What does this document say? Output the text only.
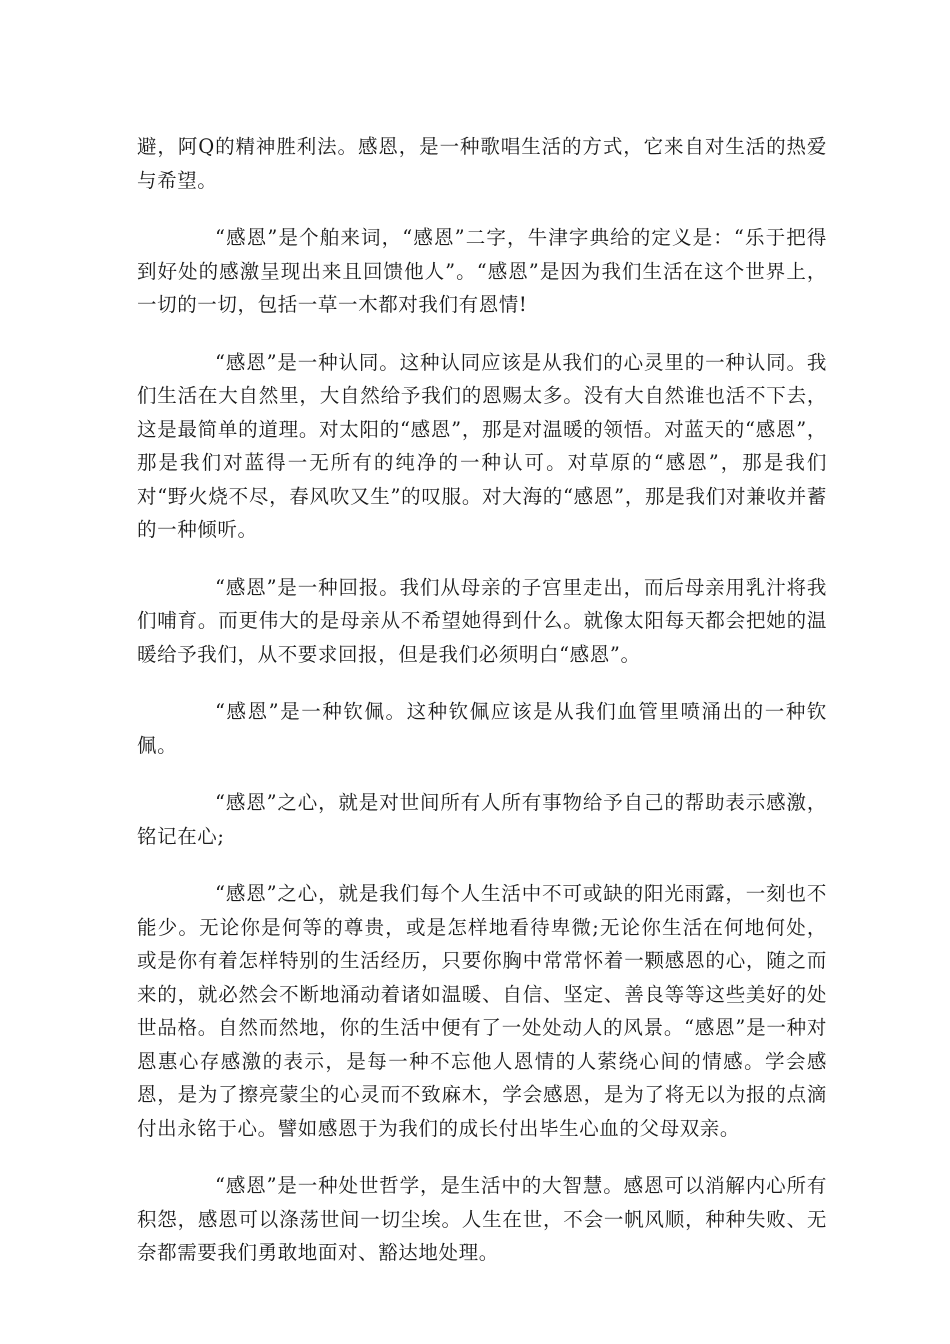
避，阿Q的精神胜利法。感恩，是一种歌唱生活的方式，它来自对生活的热爱与希望。

“感恩”是个舶来词，“感恩”二字，牛津字典给的定义是：“乐于把得到好处的感激呈现出来且回馈他人”。“感恩”是因为我们生活在这个世界上，一切的一切，包括一草一木都对我们有恩情!

“感恩”是一种认同。这种认同应该是从我们的心灵里的一种认同。我们生活在大自然里，大自然给予我们的恩赐太多。没有大自然谁也活不下去，这是最简单的道理。对太阳的“感恩”，那是对温暖的领悟。对蓝天的“感恩”，那是我们对蓝得一无所有的纯净的一种认可。对草原的“感恩”，那是我们对“野火烧不尽，春风吹又生”的叹服。对大海的“感恩”，那是我们对兼收并蓄的一种倾听。

“感恩”是一种回报。我们从母亲的子宫里走出，而后母亲用乳汁将我们哺育。而更伟大的是母亲从不希望她得到什么。就像太阳每天都会把她的温暖给予我们，从不要求回报，但是我们必须明白“感恩”。

“感恩”是一种钦佩。这种钦佩应该是从我们血管里喷涌出的一种钦佩。

“感恩”之心，就是对世间所有人所有事物给予自己的帮助表示感激，铭记在心;

“感恩”之心，就是我们每个人生活中不可或缺的阳光雨露，一刻也不能少。无论你是何等的尊贵，或是怎样地看待卑微;无论你生活在何地何处，或是你有着怎样特别的生活经历，只要你胸中常常怀着一颗感恩的心，随之而来的，就必然会不断地涌动着诸如温暖、自信、坚定、善良等等这些美好的处世品格。自然而然地，你的生活中便有了一处处动人的风景。“感恩”是一种对恩惠心存感激的表示，是每一种不忘他人恩情的人萦绕心间的情感。学会感恩，是为了擦亮蒙尘的心灵而不致麻木，学会感恩，是为了将无以为报的点滴付出永铭于心。譬如感恩于为我们的成长付出毕生心血的父母双亲。

“感恩”是一种处世哲学，是生活中的大智慧。感恩可以消解内心所有积怨，感恩可以涤荡世间一切尘埃。人生在世，不会一帆风顺，种种失败、无奈都需要我们勇敢地面对、豁达地处理。
